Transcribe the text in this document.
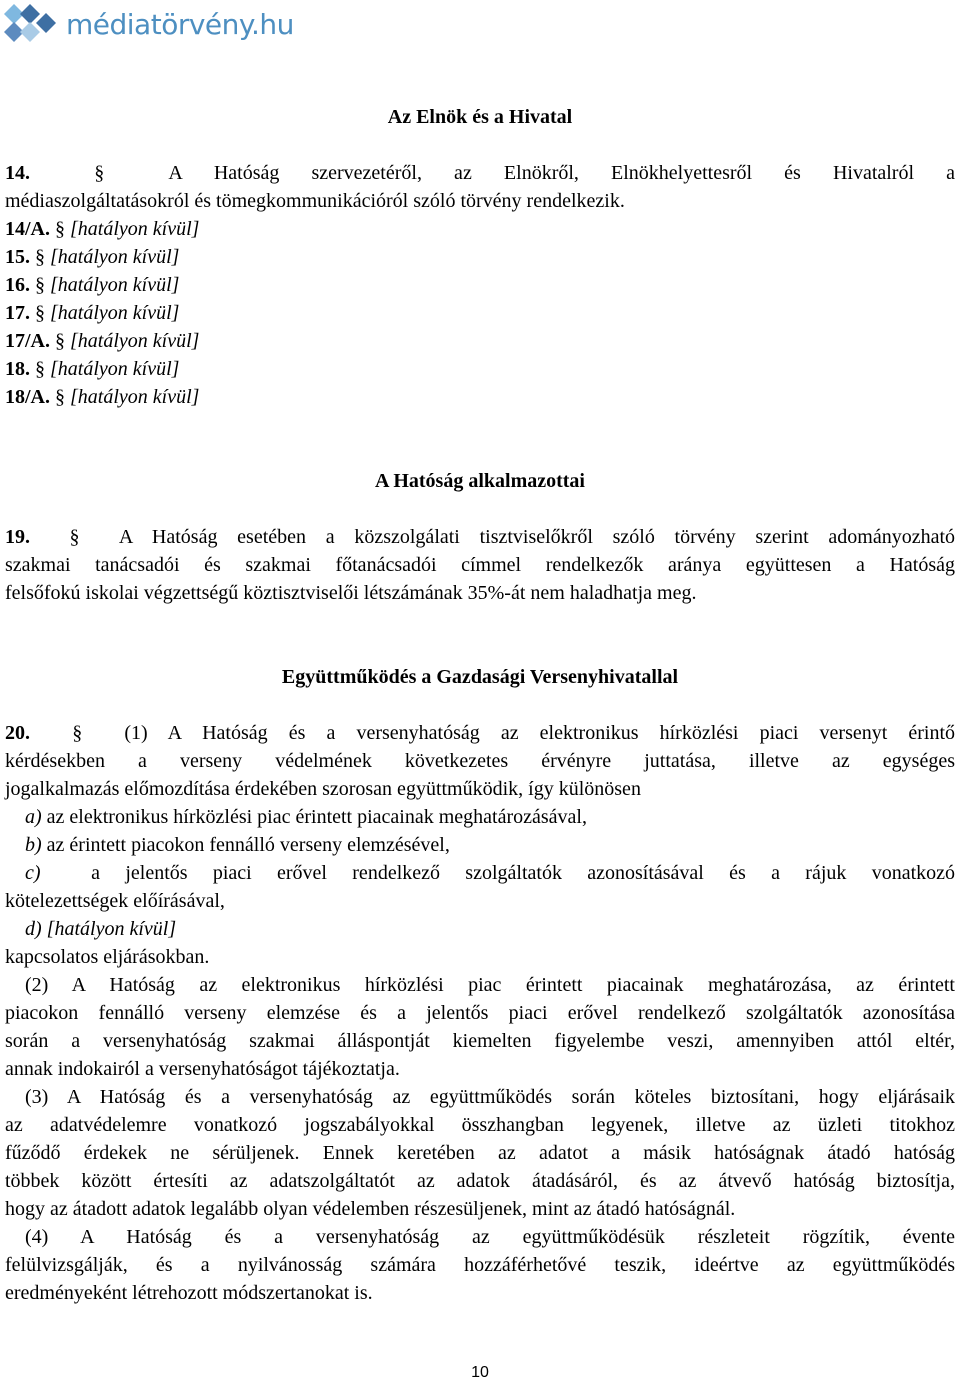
médiatörvény.hu
Az Elnök és a Hivatal
14.	§	A Hatóság szervezetéről, az Elnökről, Elnökhelyettesről és Hivatalról a
médiaszolgáltatásokról és tömegkommunikációról szóló törvény rendelkezik.
14/A. § [hatályon kívül]
15. § [hatályon kívül]
16. § [hatályon kívül]
17. § [hatályon kívül]
17/A. § [hatályon kívül]
18. § [hatályon kívül]
18/A. § [hatályon kívül]
A Hatóság alkalmazottai
19. § A Hatóság esetében a közszolgálati tisztviselőkről szóló törvény szerint adományozható
szakmai tanácsadói és szakmai főtanácsadói címmel rendelkezők aránya együttesen a Hatóság
felsőfokú iskolai végzettségű köztisztviselői létszámának 35%-át nem haladhatja meg.
Együttműködés a Gazdasági Versenyhivatallal
20. § (1) A Hatóság és a versenyhatóság az elektronikus hírközlési piaci versenyt érintő
kérdésekben a verseny védelmének következetes érvényre juttatása, illetve az egységes
jogalkalmazás előmozdítása érdekében szorosan együttműködik, így különösen
a) az elektronikus hírközlési piac érintett piacainak meghatározásával,
b) az érintett piacokon fennálló verseny elemzésével,
c)	a jelentős piaci erővel rendelkező szolgáltatók azonosításával és a rájuk vonatkozó
kötelezettségek előírásával,
d) [hatályon kívül]
kapcsolatos eljárásokban.
(2) A Hatóság az elektronikus hírközlési piac érintett piacainak meghatározása, az érintett
piacokon fennálló verseny elemzése és a jelentős piaci erővel rendelkező szolgáltatók azonosítása
során a versenyhatóság szakmai álláspontját kiemelten figyelembe veszi, amennyiben attól eltér,
annak indokairól a versenyhatóságot tájékoztatja.
(3) A Hatóság és a versenyhatóság az együttműködés során köteles biztosítani, hogy eljárásaik
az adatvédelemre vonatkozó jogszabályokkal összhangban legyenek, illetve az üzleti titokhoz
fűződő érdekek ne sérüljenek. Ennek keretében az adatot a másik hatóságnak átadó hatóság
többek között értesíti az adatszolgáltatót az adatok átadásáról, és az átvevő hatóság biztosítja,
hogy az átadott adatok legalább olyan védelemben részesüljenek, mint az átadó hatóságnál.
(4) A Hatóság és a versenyhatóság az együttműködésük részleteit rögzítik, évente
felülvizsgálják, és a nyilvánosság számára hozzáférhetővé teszik, ideértve az együttműködés
eredményeként létrehozott módszertanokat is.
10
